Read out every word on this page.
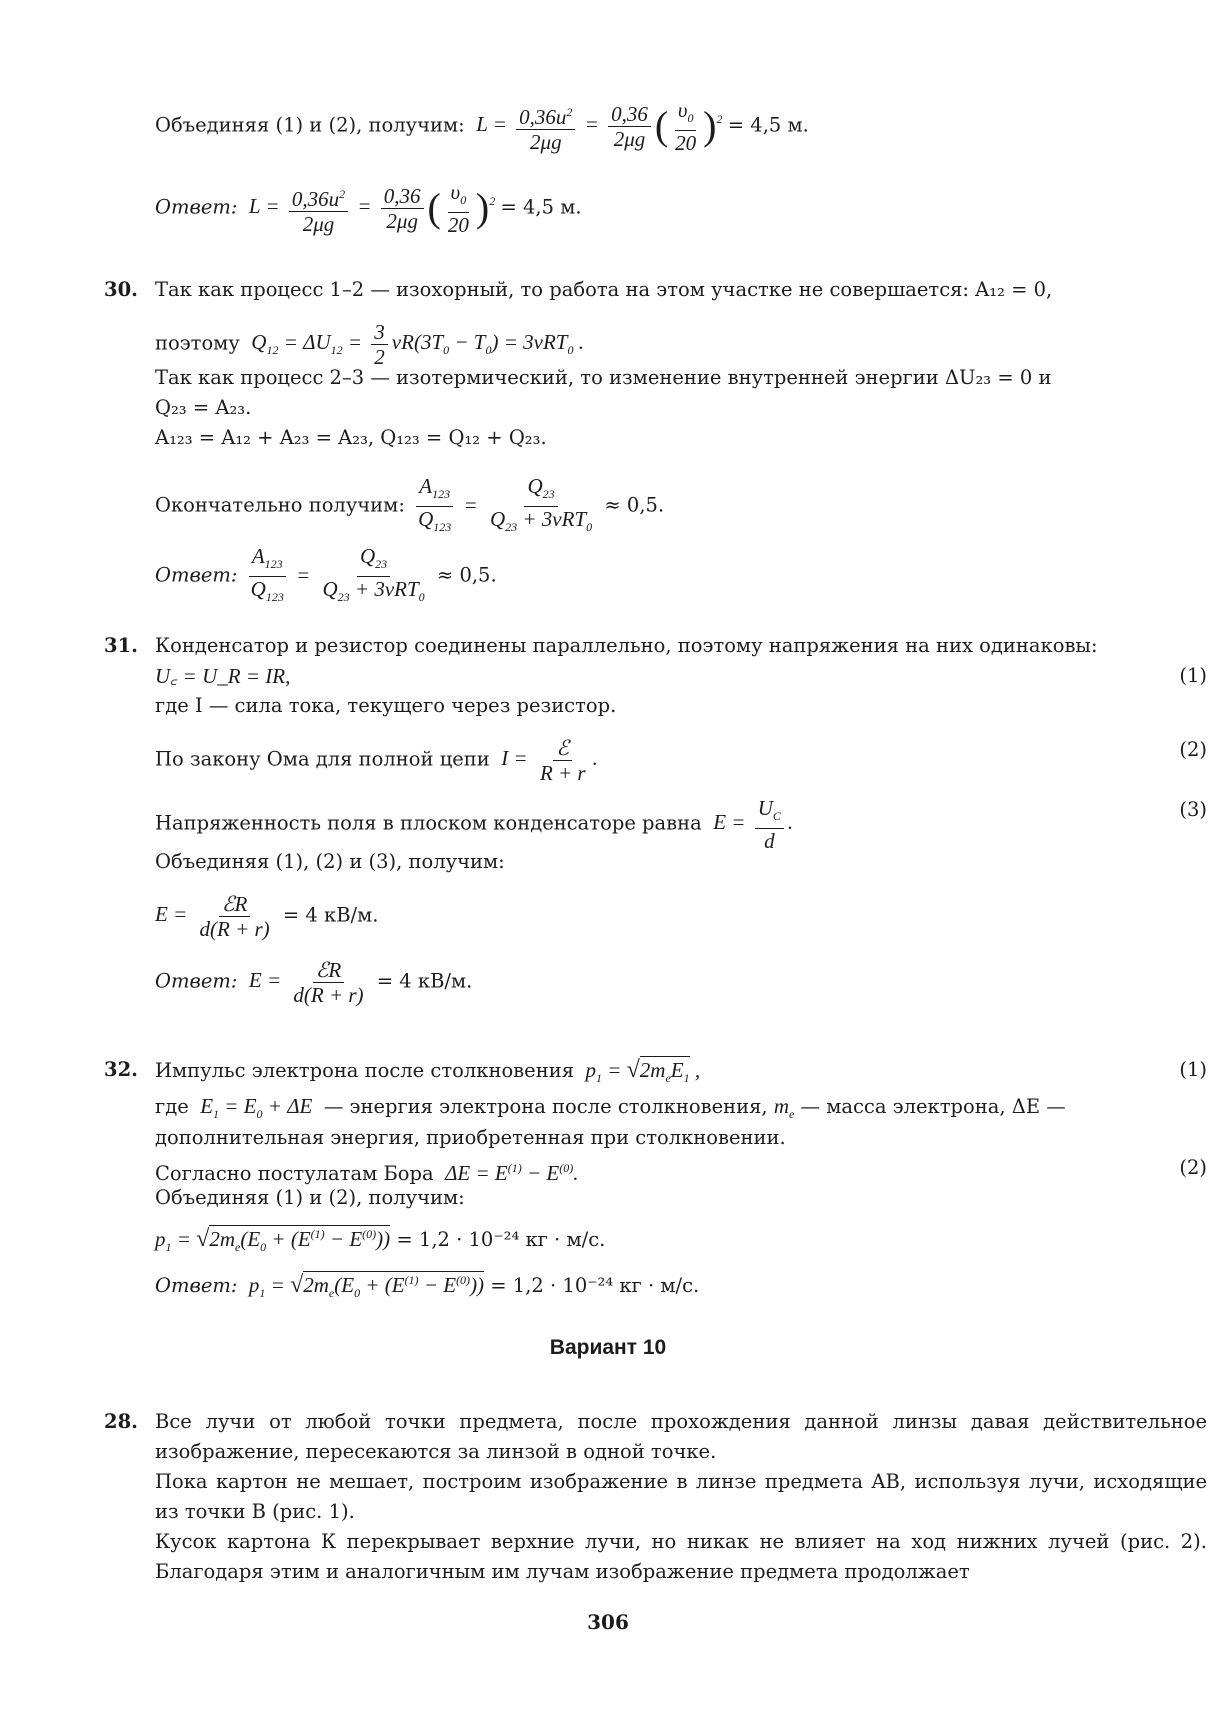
Объединяя (1) и (2), получим:  $L = \frac{0,36u^2}{2\mu g} = \frac{0,36}{2\mu g}$ ( $\frac{\upsilon_0}{20} )^2 = 4,5$ м.
Ответ:  $L = \frac{0,36u^2}{2\mu g} = \frac{0,36}{2\mu g}$ ( $\frac{\upsilon_0}{20} )^2 = 4,5$ м.
30. Так как процесс 1–2 — изохорный, то работа на этом участке не совершается: A₁₂ = 0,
поэтому  $Q_{12} = \Delta U_{12} = \frac{3}{2} \nu R(3T_0 - T_0) = 3\nu RT_0$ .
Так как процесс 2–3 — изотермический, то изменение внутренней энергии ΔU₂₃ = 0 и
Q₂₃ = A₂₃.
A₁₂₃ = A₁₂ + A₂₃ = A₂₃, Q₁₂₃ = Q₁₂ + Q₂₃.
Окончательно получим: $\frac{A_{123}}{Q_{123}} = \frac{Q_{23}}{Q_{23} + 3\nu RT_0} \approx 0,5$.
Ответ: $\frac{A_{123}}{Q_{123}} = \frac{Q_{23}}{Q_{23} + 3\nu RT_0} \approx 0,5$.
31. Конденсатор и резистор соединены параллельно, поэтому напряжения на них одинаковы:
U꜀ = U_R = IR,	(1)
где I — сила тока, текущего через резистор.
По закону Ома для полной цепи  $I = \frac{\text{ℰ}}{R + r}$ .	(2)
Напряженность поля в плоском конденсаторе равна  $E = \frac{U_C}{d}$ .
(3)
Объединяя (1), (2) и (3), получим:
$E = \frac{\text{ℰR}}{d(R + r)} = 4$ кВ/м.
Ответ:  $E = \frac{\text{ℰR}}{d(R + r)} = 4$ кВ/м.
32. Импульс электрона после столкновения  $p_1 = √2m_eE_1$ ,	(1)
где  $E_1 = E_0 + \Delta E$  — энергия электрона после столкновения, $m_e$ — масса электрона, ΔE —
дополнительная энергия, приобретенная при столкновении.
Согласно постулатам Бора  $\Delta E = E^{(1)} - E^{(0)}$.	(2)
Объединяя (1) и (2), получим:
$p_1 = √2m_e(E_0 + (E^{(1)} - E^{(0)})) = 1,2 \cdot 10^{-24}$ кг · м/с.
Ответ:  $p_1 = √2m_e(E_0 + (E^{(1)} - E^{(0)})) = 1,2 \cdot 10^{-24}$ кг · м/с.
Вариант 10
28. Все лучи от любой точки предмета, после прохождения данной линзы давая действительное изображение, пересекаются за линзой в одной точке.
Пока картон не мешает, построим изображение в линзе предмета AB, используя лучи, исходящие из точки B (рис. 1).
Кусок картона К перекрывает верхние лучи, но никак не влияет на ход нижних лучей (рис. 2). Благодаря этим и аналогичным им лучам изображение предмета продолжает
306
